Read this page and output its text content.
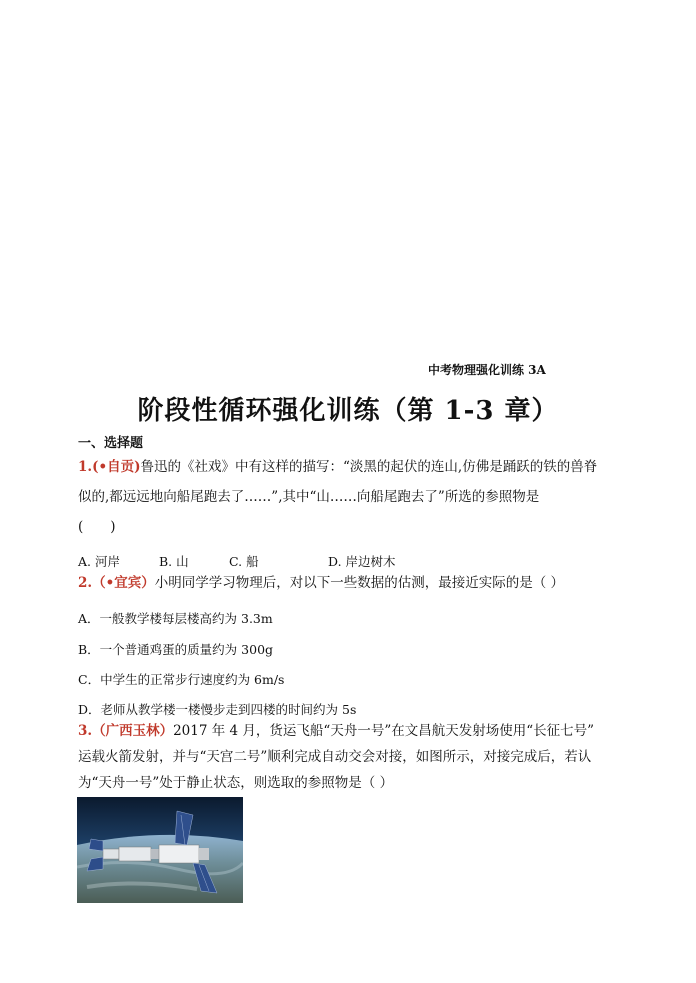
中考物理强化训练 3A
阶段性循环强化训练（第 1-3 章）
一、选择题
1.(•自贡)鲁迅的《社戏》中有这样的描写：“淡黑的起伏的连山,仿佛是踊跃的铁的兽脊
似的,都远远地向船尾跑去了……”,其中“山……向船尾跑去了”所选的参照物是
(　　)
A. 河岸	B. 山	C. 船	D. 岸边树木
2.（•宜宾）小明同学学习物理后，对以下一些数据的估测，最接近实际的是（ ）
A．一般教学楼每层楼高约为 3.3m
B．一个普通鸡蛋的质量约为 300g
C．中学生的正常步行速度约为 6m/s
D．老师从教学楼一楼慢步走到四楼的时间约为 5s
3.（广西玉林）2017 年 4 月，货运飞船“天舟一号”在文昌航天发射场使用“长征七号”
运载火箭发射，并与“天宫二号”顺利完成自动交会对接，如图所示，对接完成后，若认
为“天舟一号”处于静止状态，则选取的参照物是（ ）
